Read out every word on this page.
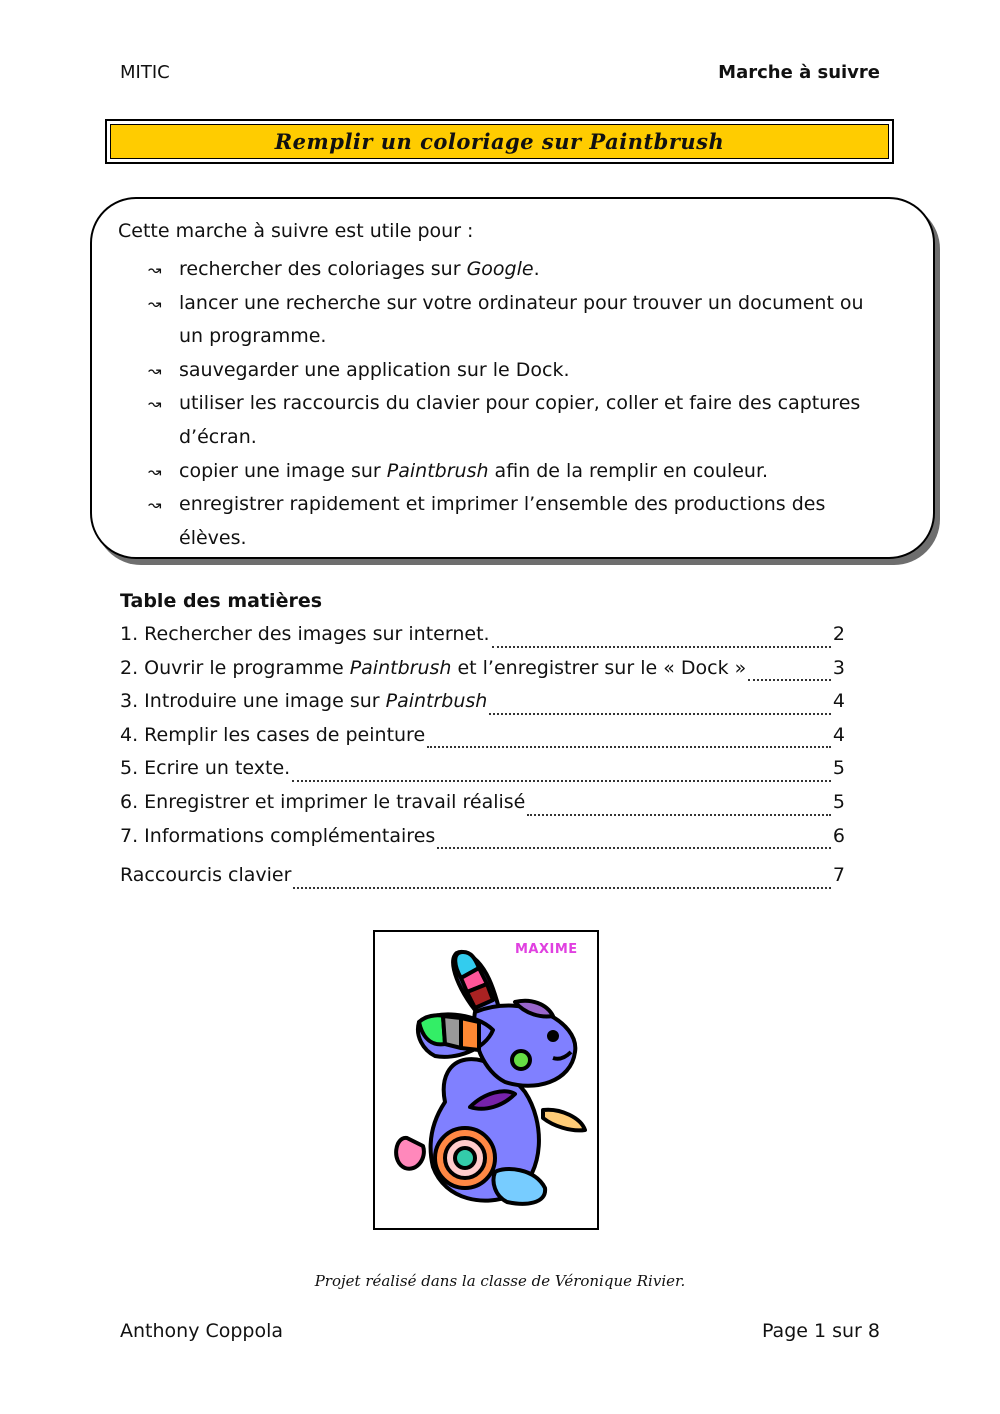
MITIC	Marche à suivre
Remplir un coloriage sur Paintbrush
Cette marche à suivre est utile pour :
↝ rechercher des coloriages sur Google.
↝ lancer une recherche sur votre ordinateur pour trouver un document ou un programme.
↝ sauvegarder une application sur le Dock.
↝ utiliser les raccourcis du clavier pour copier, coller et faire des captures d’écran.
↝ copier une image sur Paintbrush afin de la remplir en couleur.
↝ enregistrer rapidement et imprimer l’ensemble des productions des élèves.
Table des matières
1. Rechercher des images sur internet.	2
2. Ouvrir le programme Paintbrush et l’enregistrer sur le « Dock »	3
3. Introduire une image sur Paintrbush	4
4. Remplir les cases de peinture	4
5. Ecrire un texte.	5
6. Enregistrer et imprimer le travail réalisé	5
7. Informations complémentaires	6
Raccourcis clavier	7
MAXIME
Projet réalisé dans la classe de Véronique Rivier.
Anthony Coppola	Page 1 sur 8
